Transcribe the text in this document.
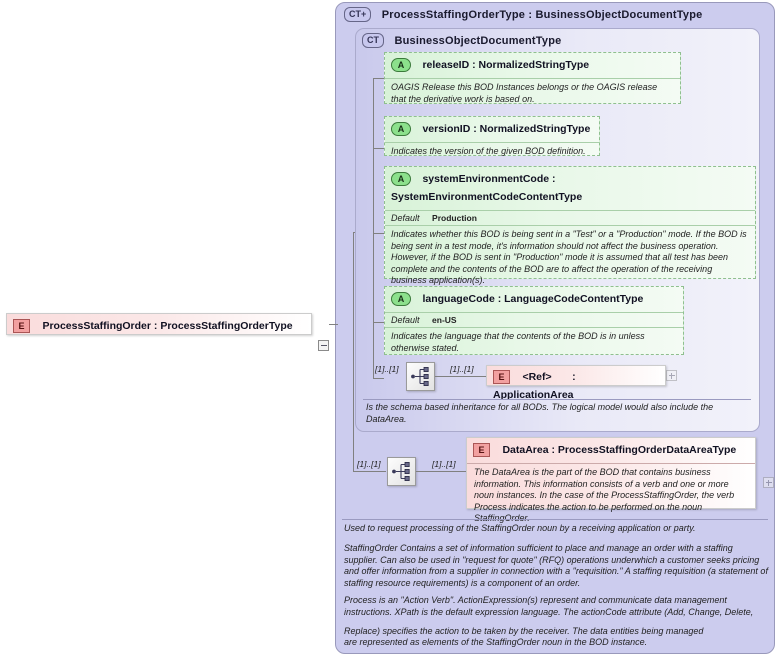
CT+ ProcessStaffingOrderType : BusinessObjectDocumentType
CT BusinessObjectDocumentType
A releaseID : NormalizedStringType
OAGIS Release this BOD Instances belongs or the OAGIS release that the derivative work is based on.
A versionID : NormalizedStringType
Indicates the version of the given BOD definition.
A systemEnvironmentCode : SystemEnvironmentCodeContentType
Default Production
Indicates whether this BOD is being sent in a "Test" or a "Production" mode. If the BOD is being sent in a test mode, it's information should not affect the business operation. However, if the BOD is sent in "Production" mode it is assumed that all test has been complete and the contents of the BOD are to affect the operation of the receiving business application(s).
A languageCode : LanguageCodeContentType
Default en-US
Indicates the language that the contents of the BOD is in unless otherwise stated.
[1]..[1]	[1]..[1]
E <Ref> : ApplicationArea
Is the schema based inheritance for all BODs. The logical model would also include the DataArea.
[1]..[1]	[1]..[1]
E DataArea : ProcessStaffingOrderDataAreaType
The DataArea is the part of the BOD that contains business information. This information consists of a verb and one or more noun instances. In the case of the ProcessStaffingOrder, the verb Process indicates the action to be performed on the noun StaffingOrder.
Used to request processing of the StaffingOrder noun by a receiving application or party.
StaffingOrder Contains a set of information sufficient to place and manage an order with a staffing supplier. Can also be used in "request for quote" (RFQ) operations underwhich a customer seeks pricing and offer information from a supplier in connection with a "requisition." A staffing requisition (a statement of staffing resource requirements) is a component of an order.
Process is an "Action Verb". ActionExpression(s) represent and communicate data management instructions. XPath is the default expression language. The actionCode attribute (Add, Change, Delete,
Replace) specifies the action to be taken by the receiver. The data entities being managed
are represented as elements of the StaffingOrder noun in the BOD instance.
E ProcessStaffingOrder : ProcessStaffingOrderType
